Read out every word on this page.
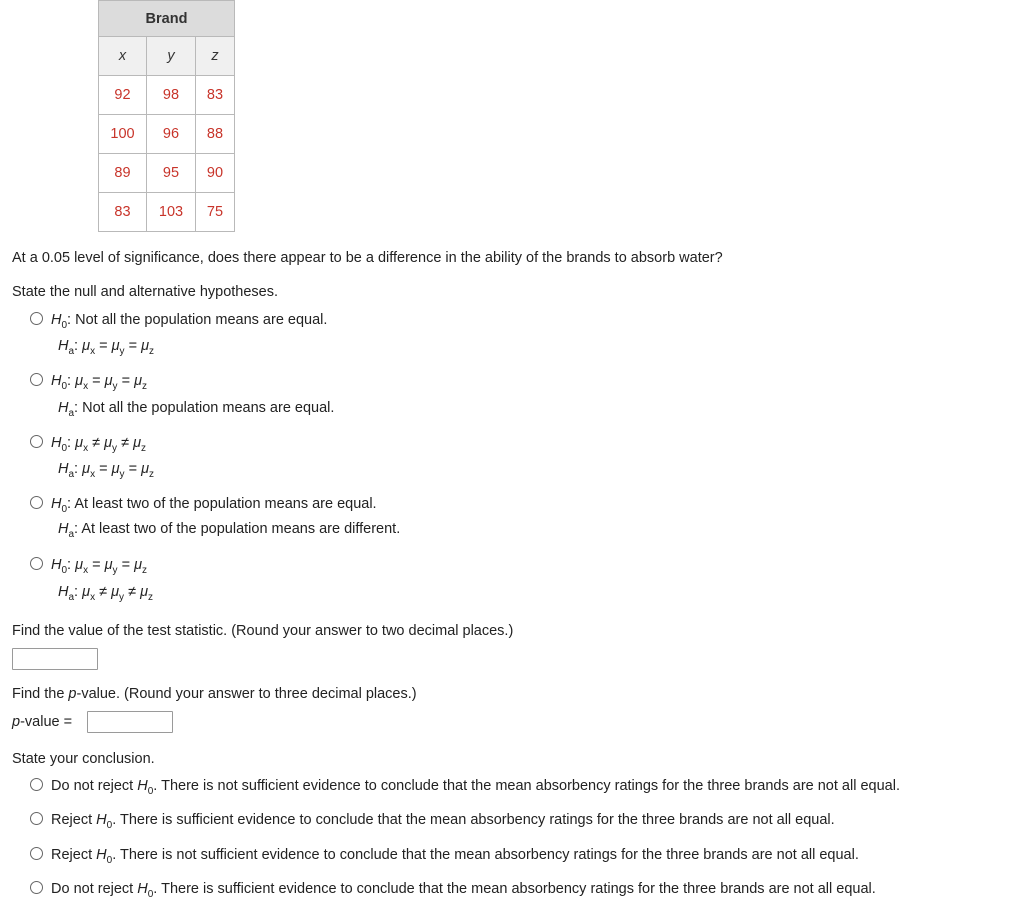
Brand		
x	y	z
92	98	83
100	96	88
89	95	90
83	103	75
At a 0.05 level of significance, does there appear to be a difference in the ability of the brands to absorb water?
State the null and alternative hypotheses.
$H_0$: Not all the population means are equal.
$H_a$: $\mu_x = \mu_y = \mu_z$
$H_0$: $\mu_x = \mu_y = \mu_z$
$H_a$: Not all the population means are equal.
$H_0$: $\mu_x \ne \mu_y \ne \mu_z$
$H_a$: $\mu_x = \mu_y = \mu_z$
$H_0$: At least two of the population means are equal.
$H_a$: At least two of the population means are different.
$H_0$: $\mu_x = \mu_y = \mu_z$
$H_a$: $\mu_x \ne \mu_y \ne \mu_z$
Find the value of the test statistic. (Round your answer to two decimal places.)
Find the p-value. (Round your answer to three decimal places.)
p-value =
State your conclusion.
Do not reject $H_0$. There is not sufficient evidence to conclude that the mean absorbency ratings for the three brands are not all equal.
Reject $H_0$. There is sufficient evidence to conclude that the mean absorbency ratings for the three brands are not all equal.
Reject $H_0$. There is not sufficient evidence to conclude that the mean absorbency ratings for the three brands are not all equal.
Do not reject $H_0$. There is sufficient evidence to conclude that the mean absorbency ratings for the three brands are not all equal.
